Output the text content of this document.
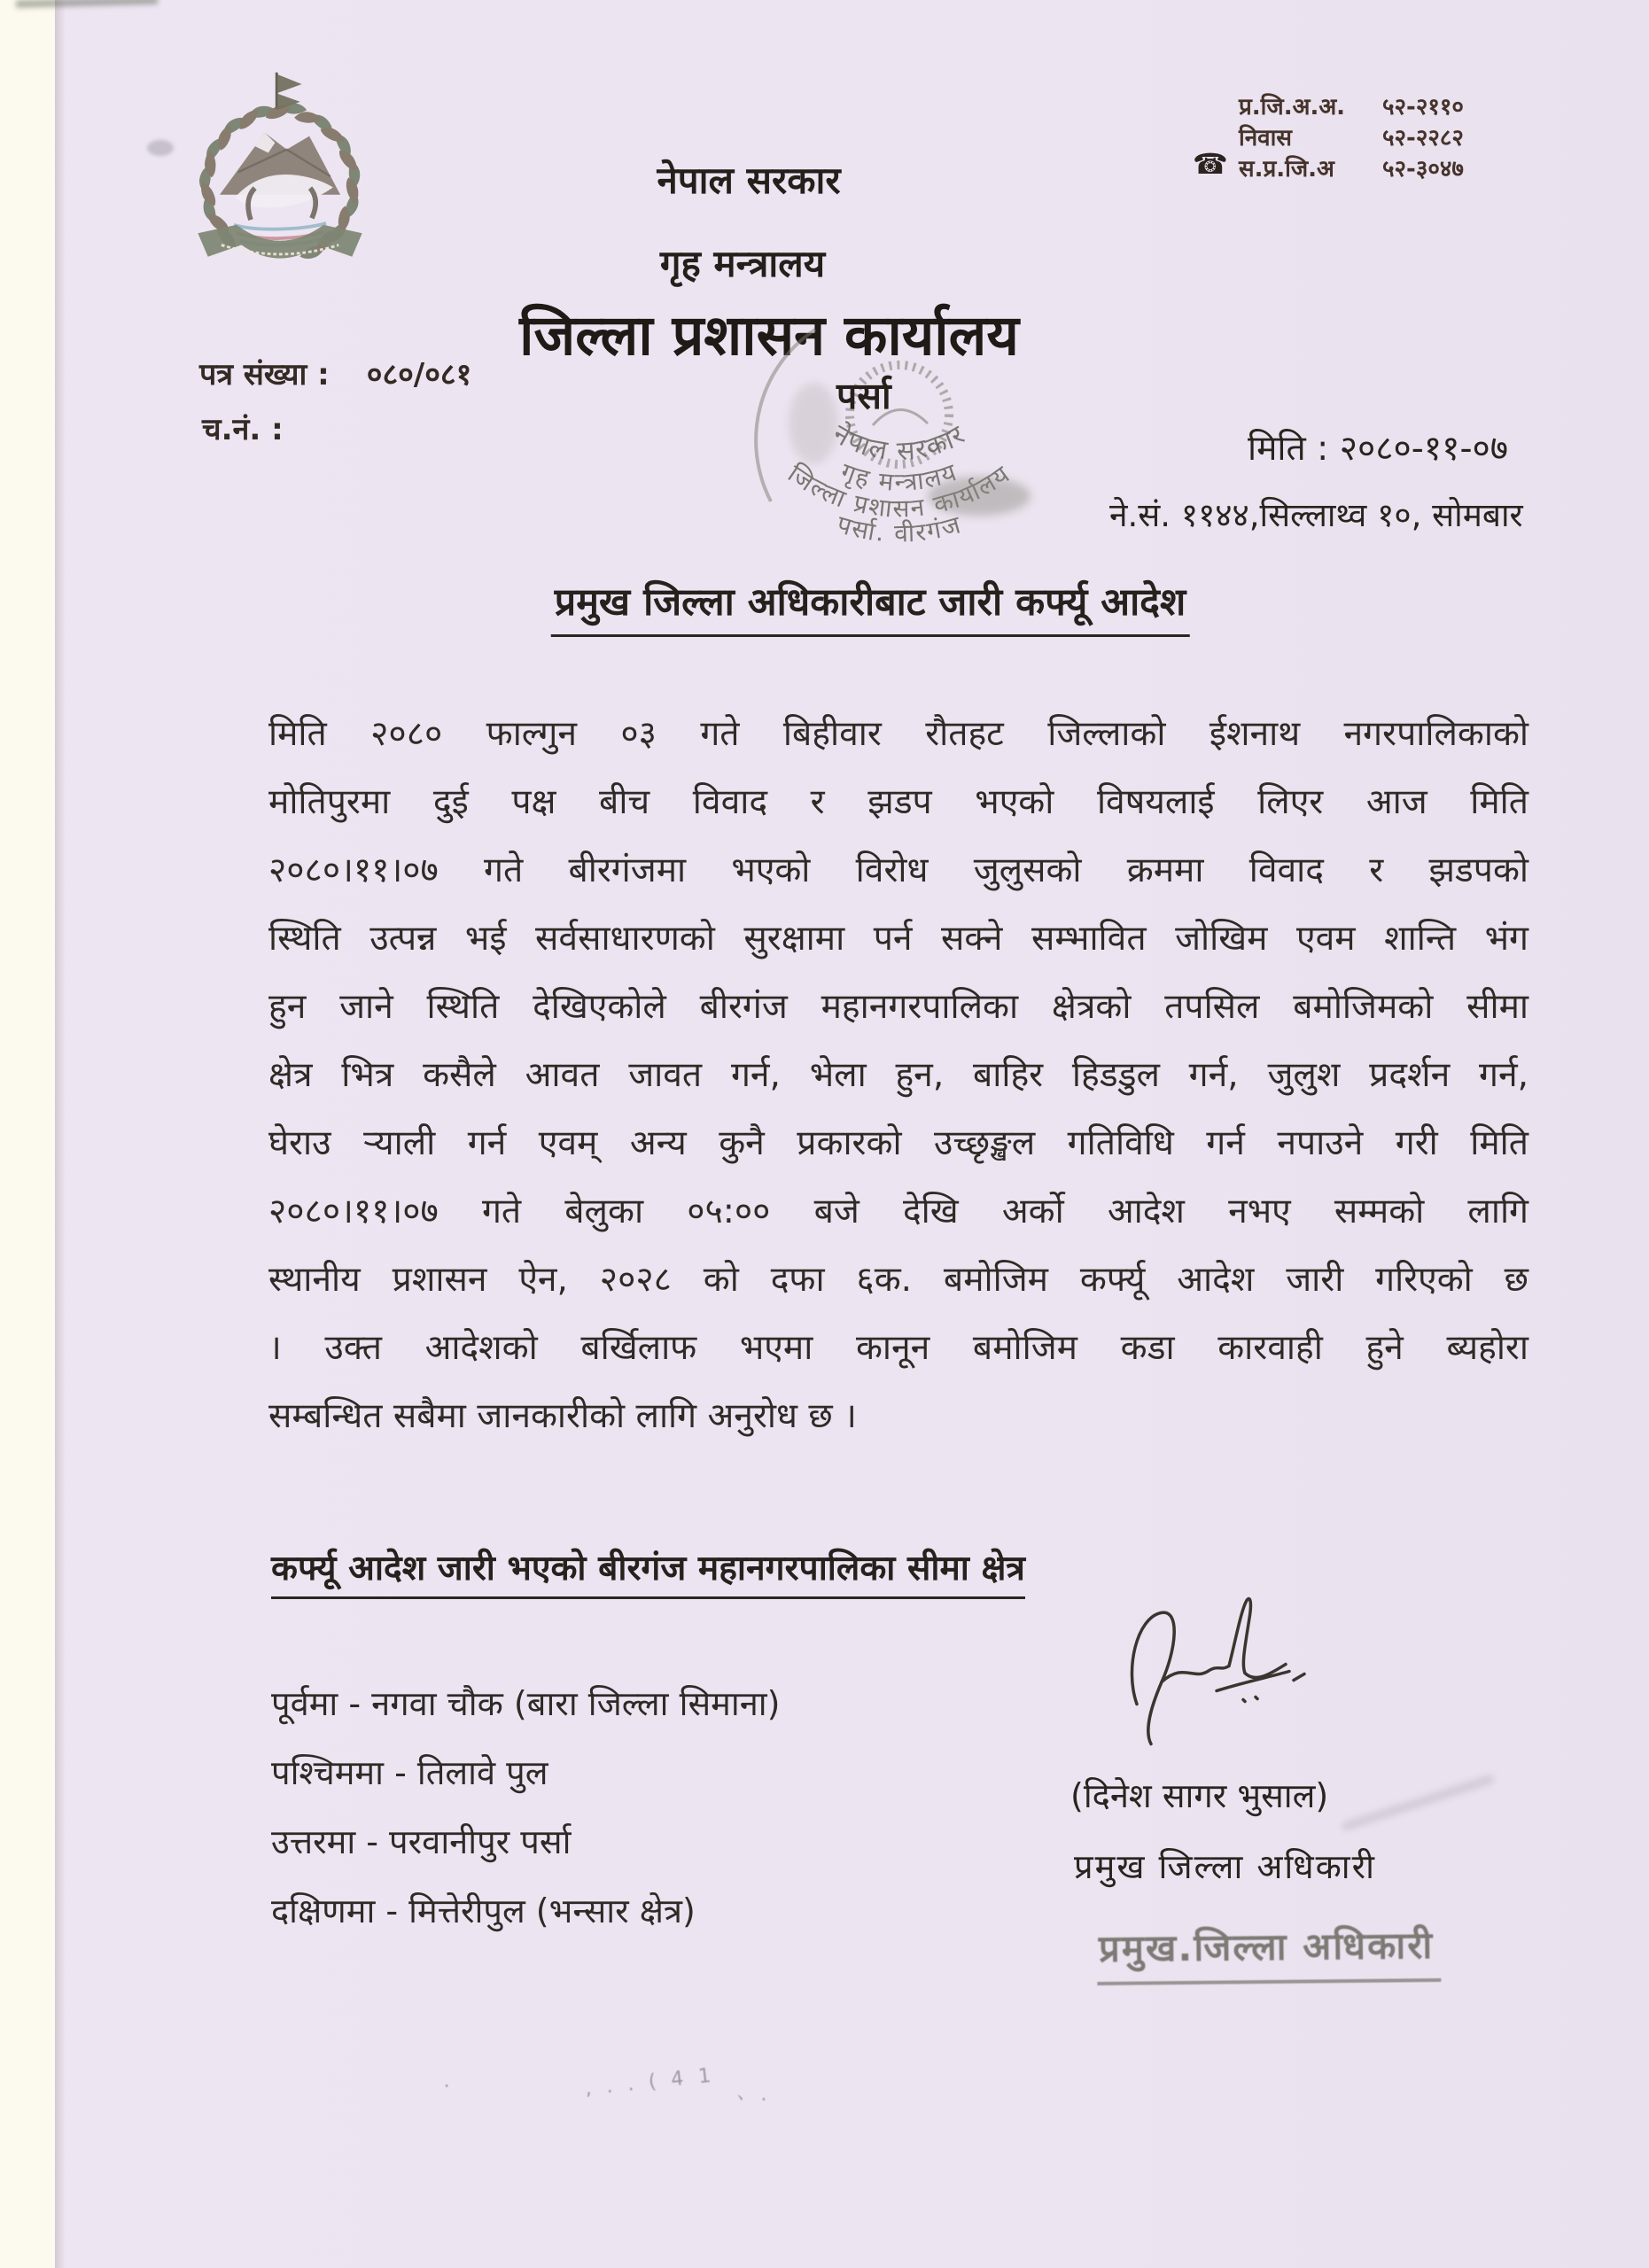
☎
प्र.जि.अ.अ.	५२-२११०
निवास	५२-२२८२
स.प्र.जि.अ	५२-३०४७
नेपाल सरकार
गृह मन्त्रालय
जिल्ला प्रशासन कार्यालय
पत्र संख्या : ०८०/०८१
च.नं. :	नेपाल सरकार
गृह मन्त्रालय
जिल्ला प्रशासन कार्यालय
पर्सा. वीरगंज
पर्सा
मिति : २०८०-११-०७
ने.सं. ११४४,सिल्लाथ्व १०, सोमबार
प्रमुख जिल्ला अधिकारीबाट जारी कर्फ्यू आदेश
मिति २०८० फाल्गुन ०३ गते बिहीवार रौतहट जिल्लाको ईशनाथ नगरपालिकाको
मोतिपुरमा दुई पक्ष बीच विवाद र झडप भएको विषयलाई लिएर आज मिति
२०८०।११।०७ गते बीरगंजमा भएको विरोध जुलुसको क्रममा विवाद र झडपको
स्थिति उत्पन्न भई सर्वसाधारणको सुरक्षामा पर्न सक्ने सम्भावित जोखिम एवम शान्ति भंग
हुन जाने स्थिति देखिएकोले बीरगंज महानगरपालिका क्षेत्रको तपसिल बमोजिमको सीमा
क्षेत्र भित्र कसैले आवत जावत गर्न, भेला हुन, बाहिर हिडडुल गर्न, जुलुश प्रदर्शन गर्न,
घेराउ र्‍याली गर्न एवम् अन्य कुनै प्रकारको उच्छृङ्खल गतिविधि गर्न नपाउने गरी मिति
२०८०।११।०७ गते बेलुका ०५:०० बजे देखि अर्को आदेश नभए सम्मको लागि
स्थानीय प्रशासन ऐन, २०२८ को दफा ६क. बमोजिम कर्फ्यू आदेश जारी गरिएको छ
। उक्त आदेशको बर्खिलाफ भएमा कानून बमोजिम कडा कारवाही हुने ब्यहोरा
सम्बन्धित सबैमा जानकारीको लागि अनुरोध छ ।
कर्फ्यू आदेश जारी भएको बीरगंज महानगरपालिका सीमा क्षेत्र
पूर्वमा - नगवा चौक (बारा जिल्ला सिमाना)
पश्चिममा - तिलावे पुल
उत्तरमा - परवानीपुर पर्सा
दक्षिणमा - मित्तेरीपुल (भन्सार क्षेत्र)
(दिनेश सागर भुसाल)
प्रमुख जिल्ला अधिकारी
प्रमुख.जिल्ला अधिकारी
, . . ( 4 1 、.
·
